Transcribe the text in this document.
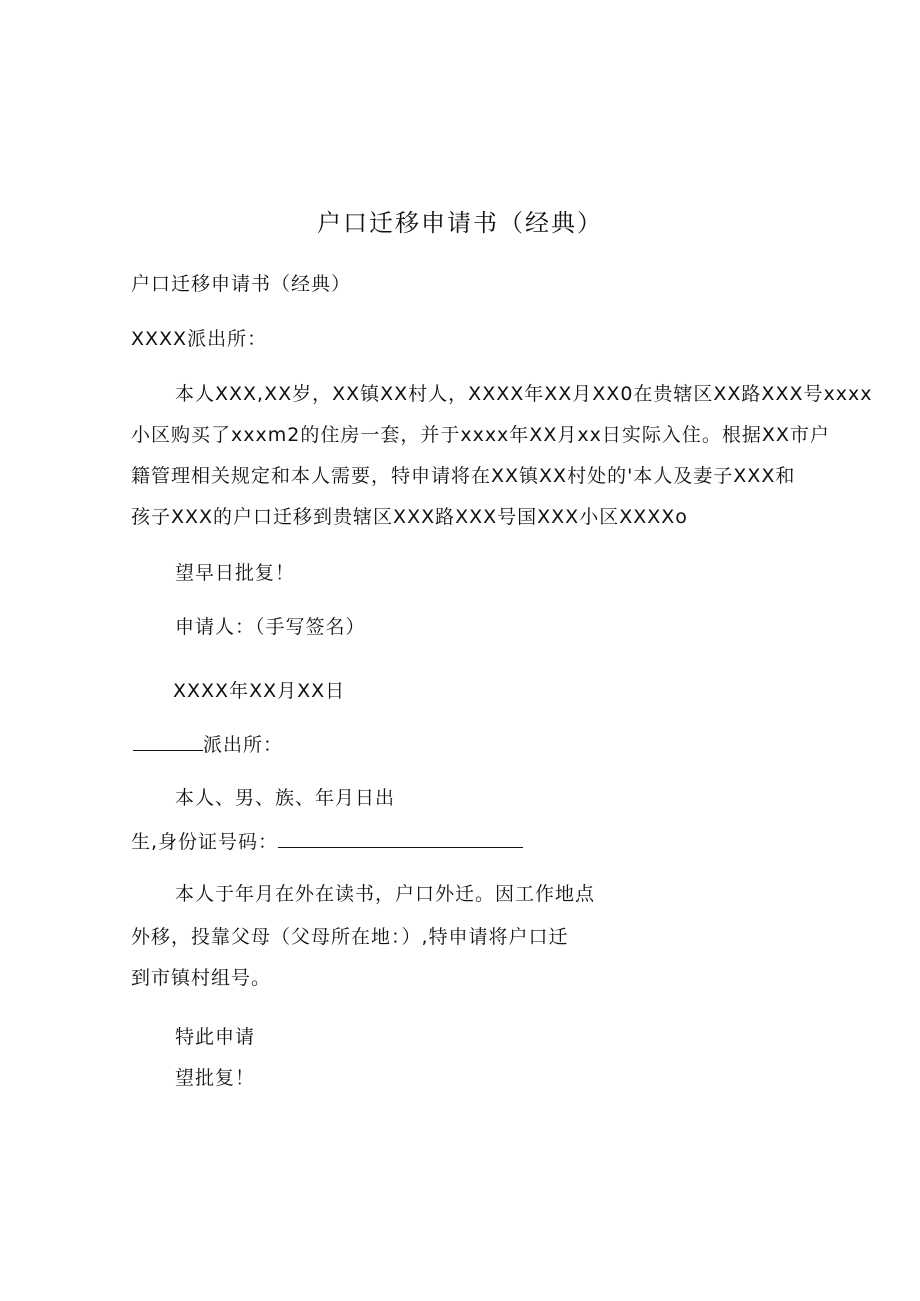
户口迁移申请书（经典）
户口迁移申请书（经典）
XXXX派出所：
本人XXX,XX岁，XX镇XX村人，XXXX年XX月XX0在贵辖区XX路XXX号xxxx
小区购买了xxxm2的住房一套，并于xxxx年XX月xx日实际入住。根据XX市户
籍管理相关规定和本人需要，特申请将在XX镇XX村处的'本人及妻子XXX和
孩子XXX的户口迁移到贵辖区XXX路XXX号国XXX小区XXXXo
望早日批复！
申请人：（手写签名）
XXXX年XX月XX日
派出所：
本人、男、族、年月日出
生,身份证号码：
本人于年月在外在读书，户口外迁。因工作地点
外移，投靠父母（父母所在地：）,特申请将户口迁
到市镇村组号。
特此申请
望批复！
